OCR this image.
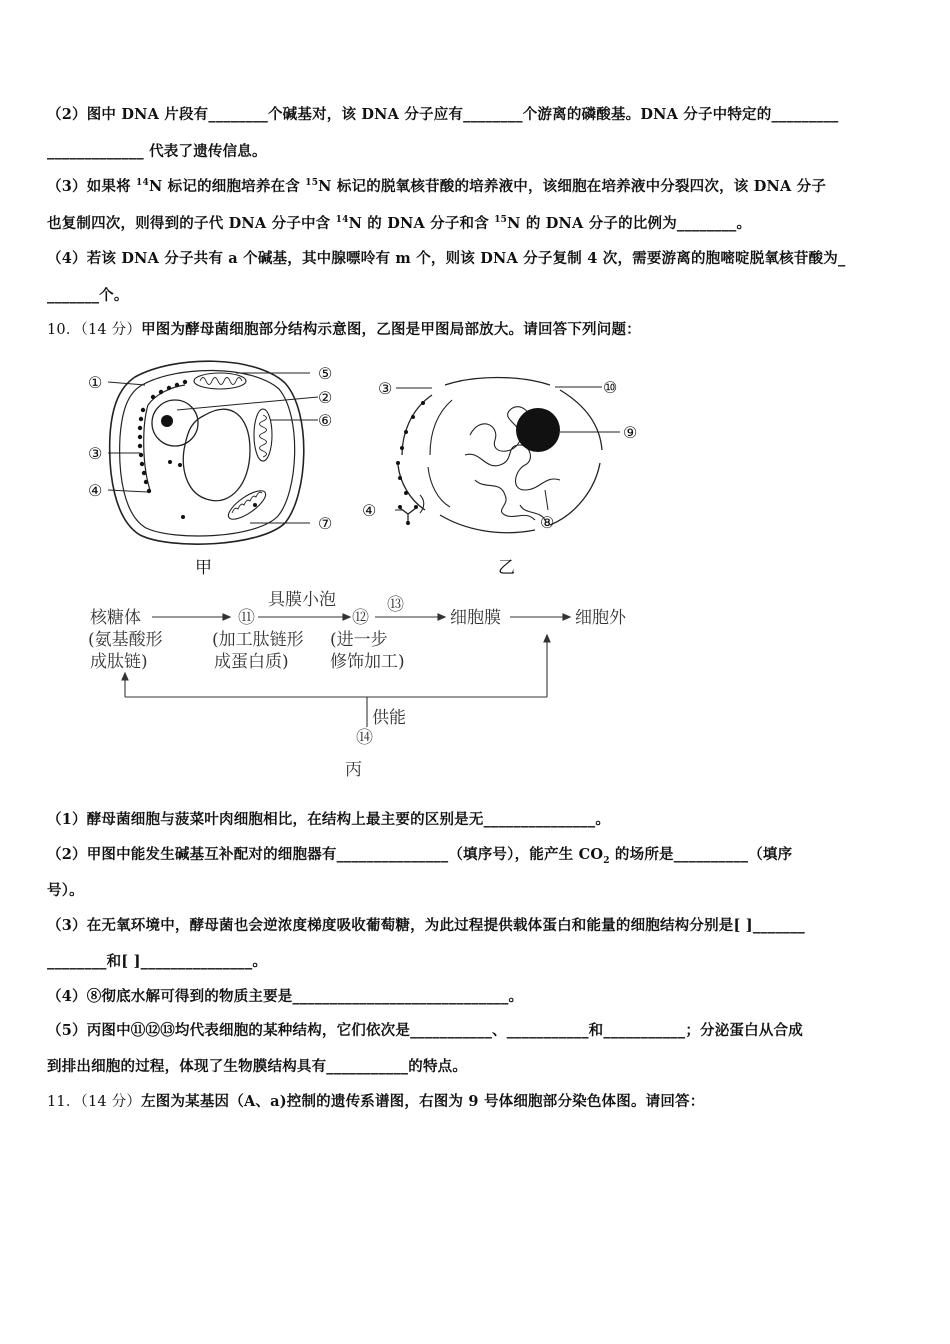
（2）图中 DNA 片段有________个碱基对，该 DNA 分子应有________个游离的磷酸基。DNA 分子中特定的_________
_____________ 代表了遗传信息。
（3）如果将 $^{14}$N 标记的细胞培养在含 $^{15}$N 标记的脱氧核苷酸的培养液中，该细胞在培养液中分裂四次，该 DNA 分子
也复制四次，则得到的子代 DNA 分子中含 $^{14}$N 的 DNA 分子和含 $^{15}$N 的 DNA 分子的比例为________。
（4）若该 DNA 分子共有 a 个碱基，其中腺嘌呤有 m 个，则该 DNA 分子复制 4 次，需要游离的胞嘧啶脱氧核苷酸为_
_______个。
10．（14 分）甲图为酵母菌细胞部分结构示意图，乙图是甲图局部放大。请回答下列问题：
①	⑤
②
⑥
③
④
⑦
甲
③	⑩
⑨
④
⑧
乙
核糖体
(氨基酸形
成肽链)
⑪
(加工肽链形
成蛋白质)
具膜小泡
⑫
⑬
(进一步
修饰加工)
细胞膜	细胞外
供能
⑭
丙
（1）酵母菌细胞与菠菜叶肉细胞相比，在结构上最主要的区别是无_______________。
（2）甲图中能发生碱基互补配对的细胞器有_______________（填序号），能产生 $CO_2$ 的场所是__________（填序
号）。
（3）在无氧环境中，酵母菌也会逆浓度梯度吸收葡萄糖，为此过程提供载体蛋白和能量的细胞结构分别是[ ]_______
________和[ ]_______________。
（4）⑧彻底水解可得到的物质主要是_____________________________。
（5）丙图中⑪⑫⑬均代表细胞的某种结构，它们依次是___________、___________和___________；分泌蛋白从合成
到排出细胞的过程，体现了生物膜结构具有___________的特点。
11．（14 分）左图为某基因（A、a)控制的遗传系谱图，右图为 9 号体细胞部分染色体图。请回答：
